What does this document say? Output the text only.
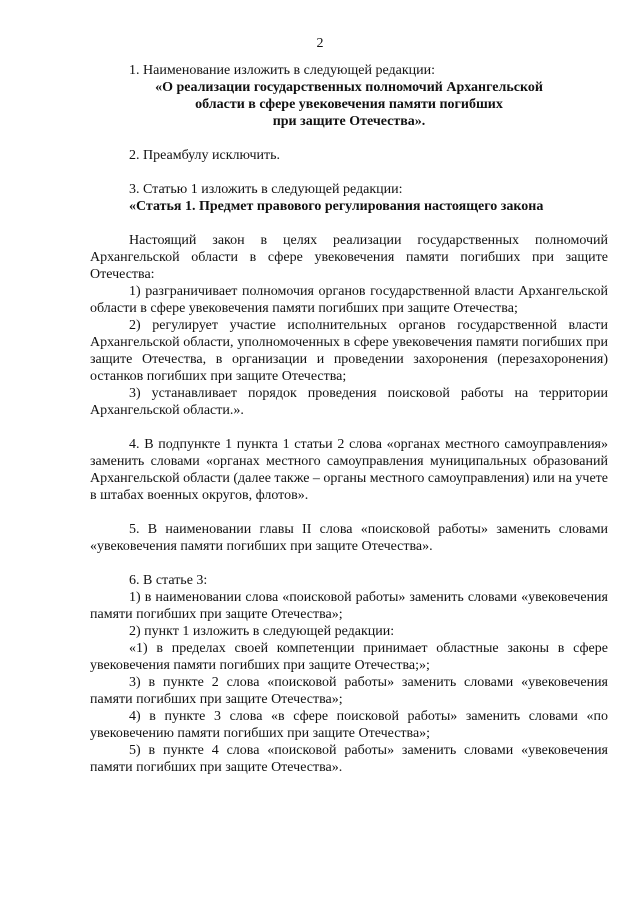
2

1. Наименование изложить в следующей редакции:

«О реализации государственных полномочий Архангельской
области в сфере увековечения памяти погибших
при защите Отечества».

2. Преамбулу исключить.

3. Статью 1 изложить в следующей редакции:

«Статья 1. Предмет правового регулирования настоящего закона

Настоящий закон в целях реализации государственных полномочий Архангельской области в сфере увековечения памяти погибших при защите Отечества:

1) разграничивает полномочия органов государственной власти Архангельской области в сфере увековечения памяти погибших при защите Отечества;

2) регулирует участие исполнительных органов государственной власти Архангельской области, уполномоченных в сфере увековечения памяти погибших при защите Отечества, в организации и проведении захоронения (перезахоронения) останков погибших при защите Отечества;

3) устанавливает порядок проведения поисковой работы на территории Архангельской области.».

4. В подпункте 1 пункта 1 статьи 2 слова «органах местного самоуправления» заменить словами «органах местного самоуправления муниципальных образований Архангельской области (далее также – органы местного самоуправления) или на учете в штабах военных округов, флотов».

5. В наименовании главы II слова «поисковой работы» заменить словами «увековечения памяти погибших при защите Отечества».

6. В статье 3:

1) в наименовании слова «поисковой работы» заменить словами «увековечения памяти погибших при защите Отечества»;

2) пункт 1 изложить в следующей редакции:

«1) в пределах своей компетенции принимает областные законы в сфере увековечения памяти погибших при защите Отечества;»;

3) в пункте 2 слова «поисковой работы» заменить словами «увековечения памяти погибших при защите Отечества»;

4) в пункте 3 слова «в сфере поисковой работы» заменить словами «по увековечению памяти погибших при защите Отечества»;

5) в пункте 4 слова «поисковой работы» заменить словами «увековечения памяти погибших при защите Отечества».
